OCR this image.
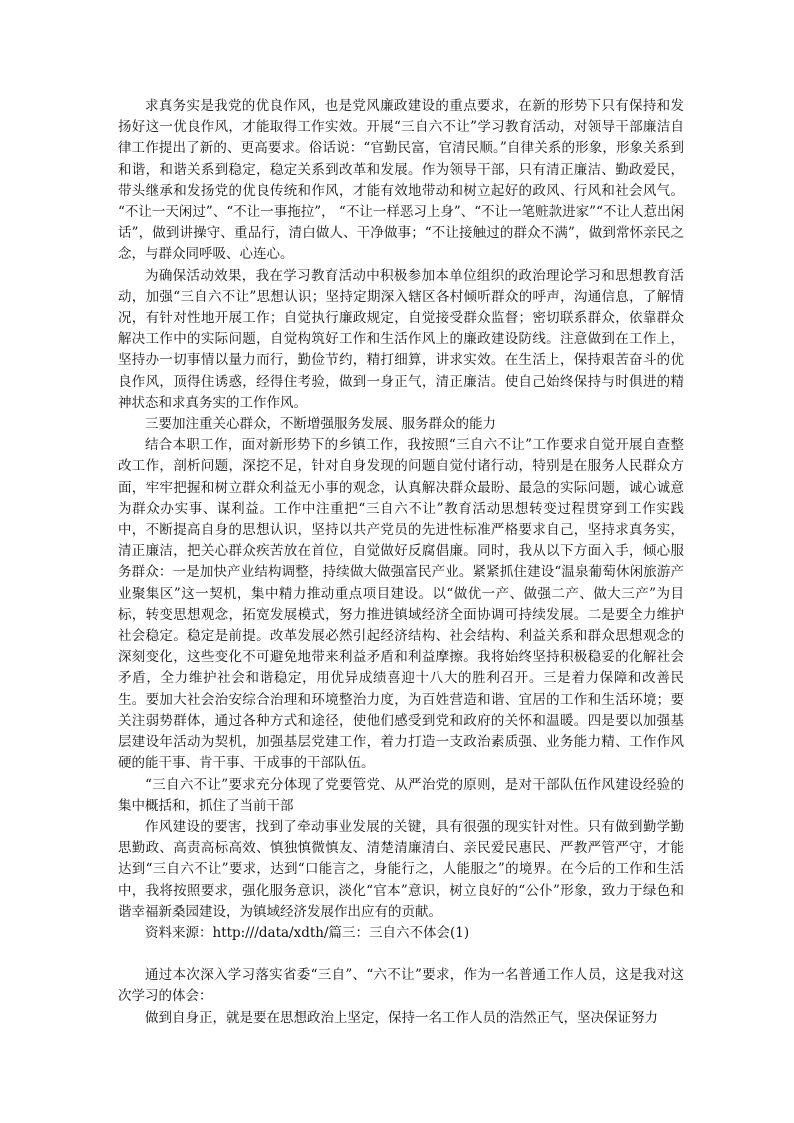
求真务实是我党的优良作风，也是党风廉政建设的重点要求，在新的形势下只有保持和发扬好这一优良作风，才能取得工作实效。开展“三自六不让”学习教育活动，对领导干部廉洁自律工作提出了新的、更高要求。俗话说：“官勤民富，官清民顺。”自律关系的形象，形象关系到和谐，和谐关系到稳定，稳定关系到改革和发展。作为领导干部，只有清正廉洁、勤政爱民，带头继承和发扬党的优良传统和作风，才能有效地带动和树立起好的政风、行风和社会风气。 “不让一天闲过”、“不让一事拖拉”， “不让一样恶习上身”、“不让一笔赃款进家”“不让人惹出闲话”，做到讲操守、重品行，清白做人、干净做事；“不让接触过的群众不满”，做到常怀亲民之念，与群众同呼吸、心连心。

为确保活动效果，我在学习教育活动中积极参加本单位组织的政治理论学习和思想教育活动，加强“三自六不让”思想认识；坚持定期深入辖区各村倾听群众的呼声，沟通信息，了解情况，有针对性地开展工作；自觉执行廉政规定，自觉接受群众监督；密切联系群众，依靠群众解决工作中的实际问题，自觉构筑好工作和生活作风上的廉政建设防线。注意做到在工作上，坚持办一切事情以量力而行，勤俭节约，精打细算，讲求实效。在生活上，保持艰苦奋斗的优良作风，顶得住诱惑，经得住考验，做到一身正气，清正廉洁。使自己始终保持与时俱进的精神状态和求真务实的工作作风。

三要加注重关心群众，不断增强服务发展、服务群众的能力

结合本职工作，面对新形势下的乡镇工作，我按照“三自六不让”工作要求自觉开展自查整改工作，剖析问题，深挖不足，针对自身发现的问题自觉付诸行动，特别是在服务人民群众方面，牢牢把握和树立群众利益无小事的观念，认真解决群众最盼、最急的实际问题，诚心诚意为群众办实事、谋利益。工作中注重把“三自六不让”教育活动思想转变过程贯穿到工作实践中，不断提高自身的思想认识，坚持以共产党员的先进性标准严格要求自己，坚持求真务实，清正廉洁，把关心群众疾苦放在首位，自觉做好反腐倡廉。同时，我从以下方面入手，倾心服务群众：一是加快产业结构调整，持续做大做强富民产业。紧紧抓住建设“温泉葡萄休闲旅游产业聚集区”这一契机，集中精力推动重点项目建设。以“做优一产、做强二产、做大三产”为目标，转变思想观念，拓宽发展模式，努力推进镇域经济全面协调可持续发展。二是要全力维护社会稳定。稳定是前提。改革发展必然引起经济结构、社会结构、利益关系和群众思想观念的深刻变化，这些变化不可避免地带来利益矛盾和利益摩擦。我将始终坚持积极稳妥的化解社会矛盾，全力维护社会和谐稳定，用优异成绩喜迎十八大的胜利召开。三是着力保障和改善民生。要加大社会治安综合治理和环境整治力度，为百姓营造和谐、宜居的工作和生活环境；要关注弱势群体，通过各种方式和途径，使他们感受到党和政府的关怀和温暖。四是要以加强基层建设年活动为契机，加强基层党建工作，着力打造一支政治素质强、业务能力精、工作作风硬的能干事、肯干事、干成事的干部队伍。

“三自六不让”要求充分体现了党要管党、从严治党的原则，是对干部队伍作风建设经验的集中概括和，抓住了当前干部

作风建设的要害，找到了牵动事业发展的关键，具有很强的现实针对性。只有做到勤学勤思勤政、高责高标高效、慎独慎微慎友、清楚清廉清白、亲民爱民惠民、严教严管严守，才能达到“三自六不让”要求，达到“口能言之，身能行之，人能服之”的境界。在今后的工作和生活中，我将按照要求，强化服务意识，淡化“官本”意识，树立良好的“公仆”形象，致力于绿色和谐幸福新桑园建设，为镇域经济发展作出应有的贡献。

资料来源：http:///data/xdth/篇三：三自六不体会(1)

通过本次深入学习落实省委“三自”、“六不让”要求，作为一名普通工作人员，这是我对这次学习的体会：

做到自身正，就是要在思想政治上坚定，保持一名工作人员的浩然正气，坚决保证努力
